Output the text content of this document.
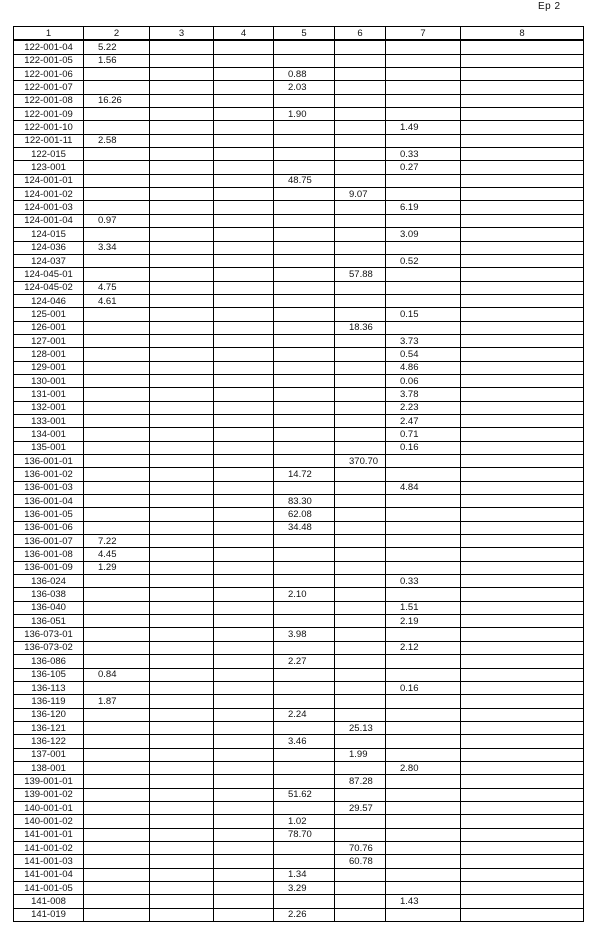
Ер 2
1	2	3	4	5	6	7	8
122-001-04	5.22						
122-001-05	1.56						
122-001-06				0.88			
122-001-07				2.03			
122-001-08	16.26						
122-001-09				1.90			
122-001-10						1.49	
122-001-11	2.58						
122-015						0.33	
123-001						0.27	
124-001-01				48.75			
124-001-02					9.07		
124-001-03						6.19	
124-001-04	0.97						
124-015						3.09	
124-036	3.34						
124-037						0.52	
124-045-01					57.88		
124-045-02	4.75						
124-046	4.61						
125-001						0.15	
126-001					18.36		
127-001						3.73	
128-001						0.54	
129-001						4.86	
130-001						0.06	
131-001						3.78	
132-001						2.23	
133-001						2.47	
134-001						0.71	
135-001						0.16	
136-001-01					370.70		
136-001-02				14.72			
136-001-03						4.84	
136-001-04				83.30			
136-001-05				62.08			
136-001-06				34.48			
136-001-07	7.22						
136-001-08	4.45						
136-001-09	1.29						
136-024						0.33	
136-038				2.10			
136-040						1.51	
136-051						2.19	
136-073-01				3.98			
136-073-02						2.12	
136-086				2.27			
136-105	0.84						
136-113						0.16	
136-119	1.87						
136-120				2.24			
136-121					25.13		
136-122				3.46			
137-001					1.99		
138-001						2.80	
139-001-01					87.28		
139-001-02				51.62			
140-001-01					29.57		
140-001-02				1.02			
141-001-01				78.70			
141-001-02					70.76		
141-001-03					60.78		
141-001-04				1.34			
141-001-05				3.29			
141-008						1.43	
141-019				2.26			
